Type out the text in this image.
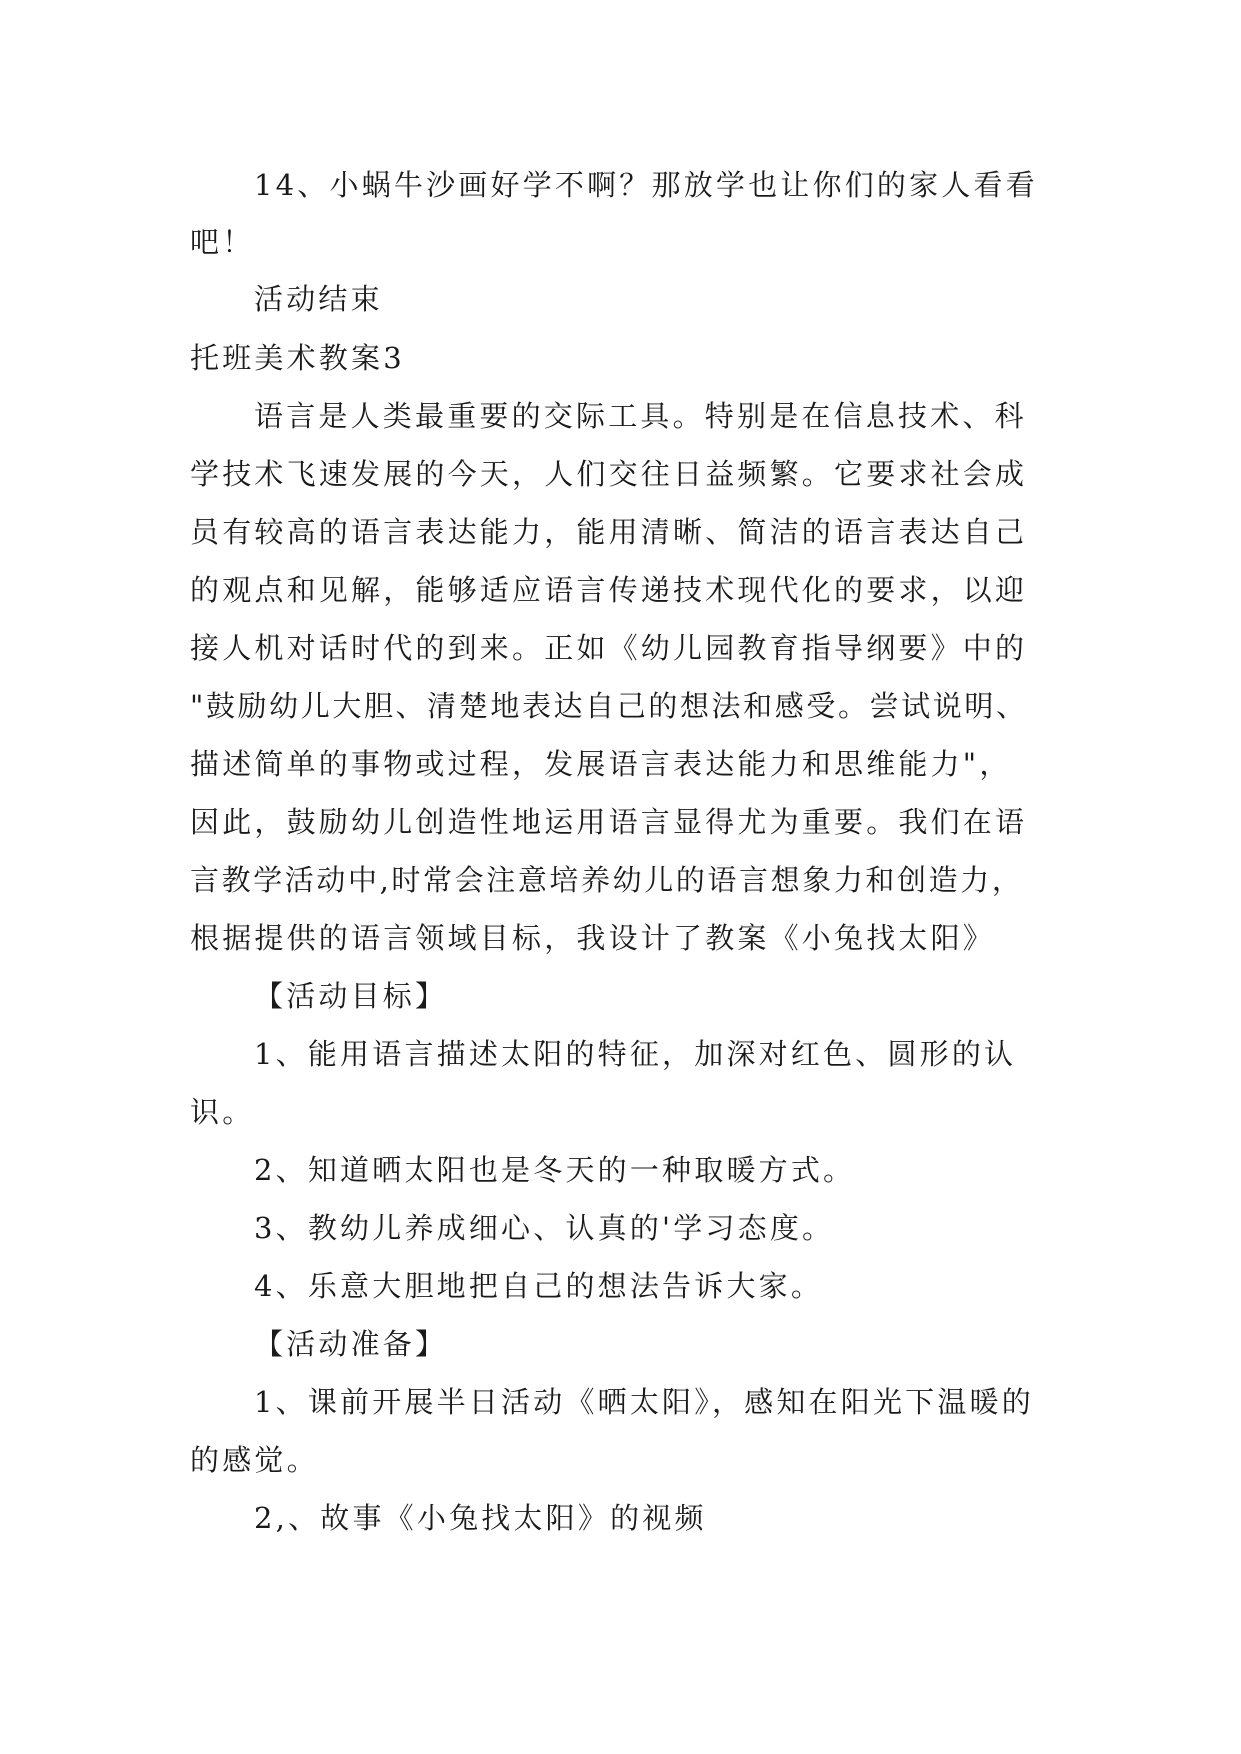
14、小蜗牛沙画好学不啊？那放学也让你们的家人看看

吧！

活动结束

托班美术教案3

语言是人类最重要的交际工具。特别是在信息技术、科

学技术飞速发展的今天，人们交往日益频繁。它要求社会成

员有较高的语言表达能力，能用清晰、简洁的语言表达自己

的观点和见解，能够适应语言传递技术现代化的要求，以迎

接人机对话时代的到来。正如《幼儿园教育指导纲要》中的

"鼓励幼儿大胆、清楚地表达自己的想法和感受。尝试说明、

描述简单的事物或过程，发展语言表达能力和思维能力"，

因此，鼓励幼儿创造性地运用语言显得尤为重要。我们在语

言教学活动中,时常会注意培养幼儿的语言想象力和创造力，

根据提供的语言领域目标，我设计了教案《小兔找太阳》

【活动目标】

1、能用语言描述太阳的特征，加深对红色、圆形的认

识。

2、知道晒太阳也是冬天的一种取暖方式。

3、教幼儿养成细心、认真的'学习态度。

4、乐意大胆地把自己的想法告诉大家。

【活动准备】

1、课前开展半日活动《晒太阳》，感知在阳光下温暖的

的感觉。

2,、故事《小兔找太阳》的视频
